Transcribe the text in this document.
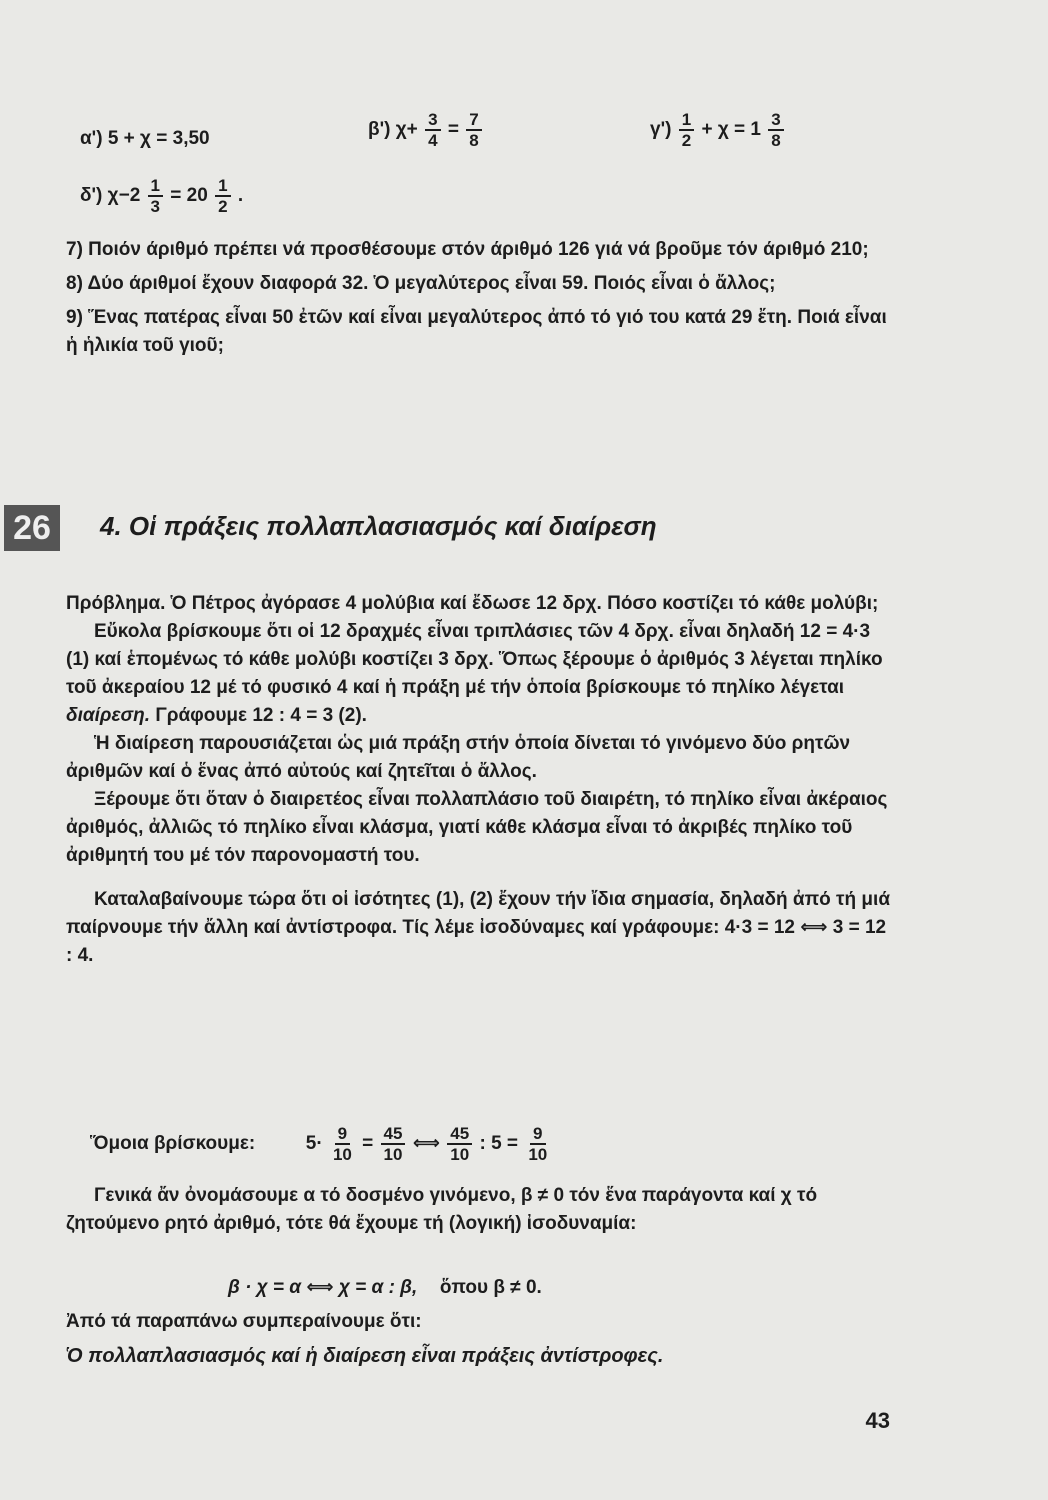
α') 5 + χ = 3,50	β') $\chi+ \frac{3}{4} = \frac{7}{8}$	$\gamma') \frac{1}{2} + \chi = 1 \frac{3}{8}$
δ') $\chi-2 \frac{1}{3} = 20 \frac{1}{2}$ .

7) Ποιόν άριθμό πρέπει νά προσθέσουμε στόν άριθμό 126 γιά νά βροῦμε τόν άριθμό 210;

8) Δύο άριθμοί ἔχουν διαφορά 32. Ὁ μεγαλύτερος εἶναι 59. Ποιός εἶναι ὁ ἄλλος;

9) Ἕνας πατέρας εἶναι 50 ἐτῶν καί εἶναι μεγαλύτερος ἀπό τό γιό του κατά 29 ἔτη. Ποιά εἶναι ἡ ἡλικία τοῦ γιοῦ;

26	4. Οἱ πράξεις πολλαπλασιασμός καί διαίρεση

Πρόβλημα. Ὁ Πέτρος ἀγόρασε 4 μολύβια καί ἔδωσε 12 δρχ. Πόσο κοστίζει τό κάθε μολύβι;

Εὔκολα βρίσκουμε ὅτι οἱ 12 δραχμές εἶναι τριπλάσιες τῶν 4 δρχ. εἶναι δηλαδή 12 = 4·3 (1) καί ἑπομένως τό κάθε μολύβι κοστίζει 3 δρχ. Ὅπως ξέρουμε ὁ ἀριθμός 3 λέγεται πηλίκο τοῦ ἀκεραίου 12 μέ τό φυσικό 4 καί ἡ πράξη μέ τήν ὁποία βρίσκουμε τό πηλίκο λέγεται διαίρεση. Γράφουμε 12 : 4 = 3 (2).

Ἡ διαίρεση παρουσιάζεται ὡς μιά πράξη στήν ὁποία δίνεται τό γινόμενο δύο ρητῶν ἀριθμῶν καί ὁ ἕνας ἀπό αὐτούς καί ζητεῖται ὁ ἄλλος.

Ξέρουμε ὅτι ὅταν ὁ διαιρετέος εἶναι πολλαπλάσιο τοῦ διαιρέτη, τό πηλίκο εἶναι ἀκέραιος ἀριθμός, ἀλλιῶς τό πηλίκο εἶναι κλάσμα, γιατί κάθε κλάσμα εἶναι τό ἀκριβές πηλίκο τοῦ ἀριθμητή του μέ τόν παρονομαστή του.

Καταλαβαίνουμε τώρα ὅτι οἱ ἰσότητες (1), (2) ἔχουν τήν ἴδια σημασία, δηλαδή ἀπό τή μιά παίρνουμε τήν ἄλλη καί ἀντίστροφα. Τίς λέμε ἰσοδύναμες καί γράφουμε: 4·3 = 12 ⟺ 3 = 12 : 4.

Ὅμοια βρίσκουμε:	$5\cdot \frac{9}{10} = \frac{45}{10}$ ⟺ $\frac{45}{10}$ : $5 = \frac{9}{10}$

Γενικά ἄν ὀνομάσουμε α τό δοσμένο γινόμενο, β ≠ 0 τόν ἕνα παράγοντα καί χ τό ζητούμενο ρητό ἀριθμό, τότε θά ἔχουμε τή (λογική) ἰσοδυναμία:

β · χ = α ⟺ χ = α : β, ὅπου β ≠ 0.

Ἀπό τά παραπάνω συμπεραίνουμε ὅτι:

Ὁ πολλαπλασιασμός καί ἡ διαίρεση εἶναι πράξεις ἀντίστροφες.

43
